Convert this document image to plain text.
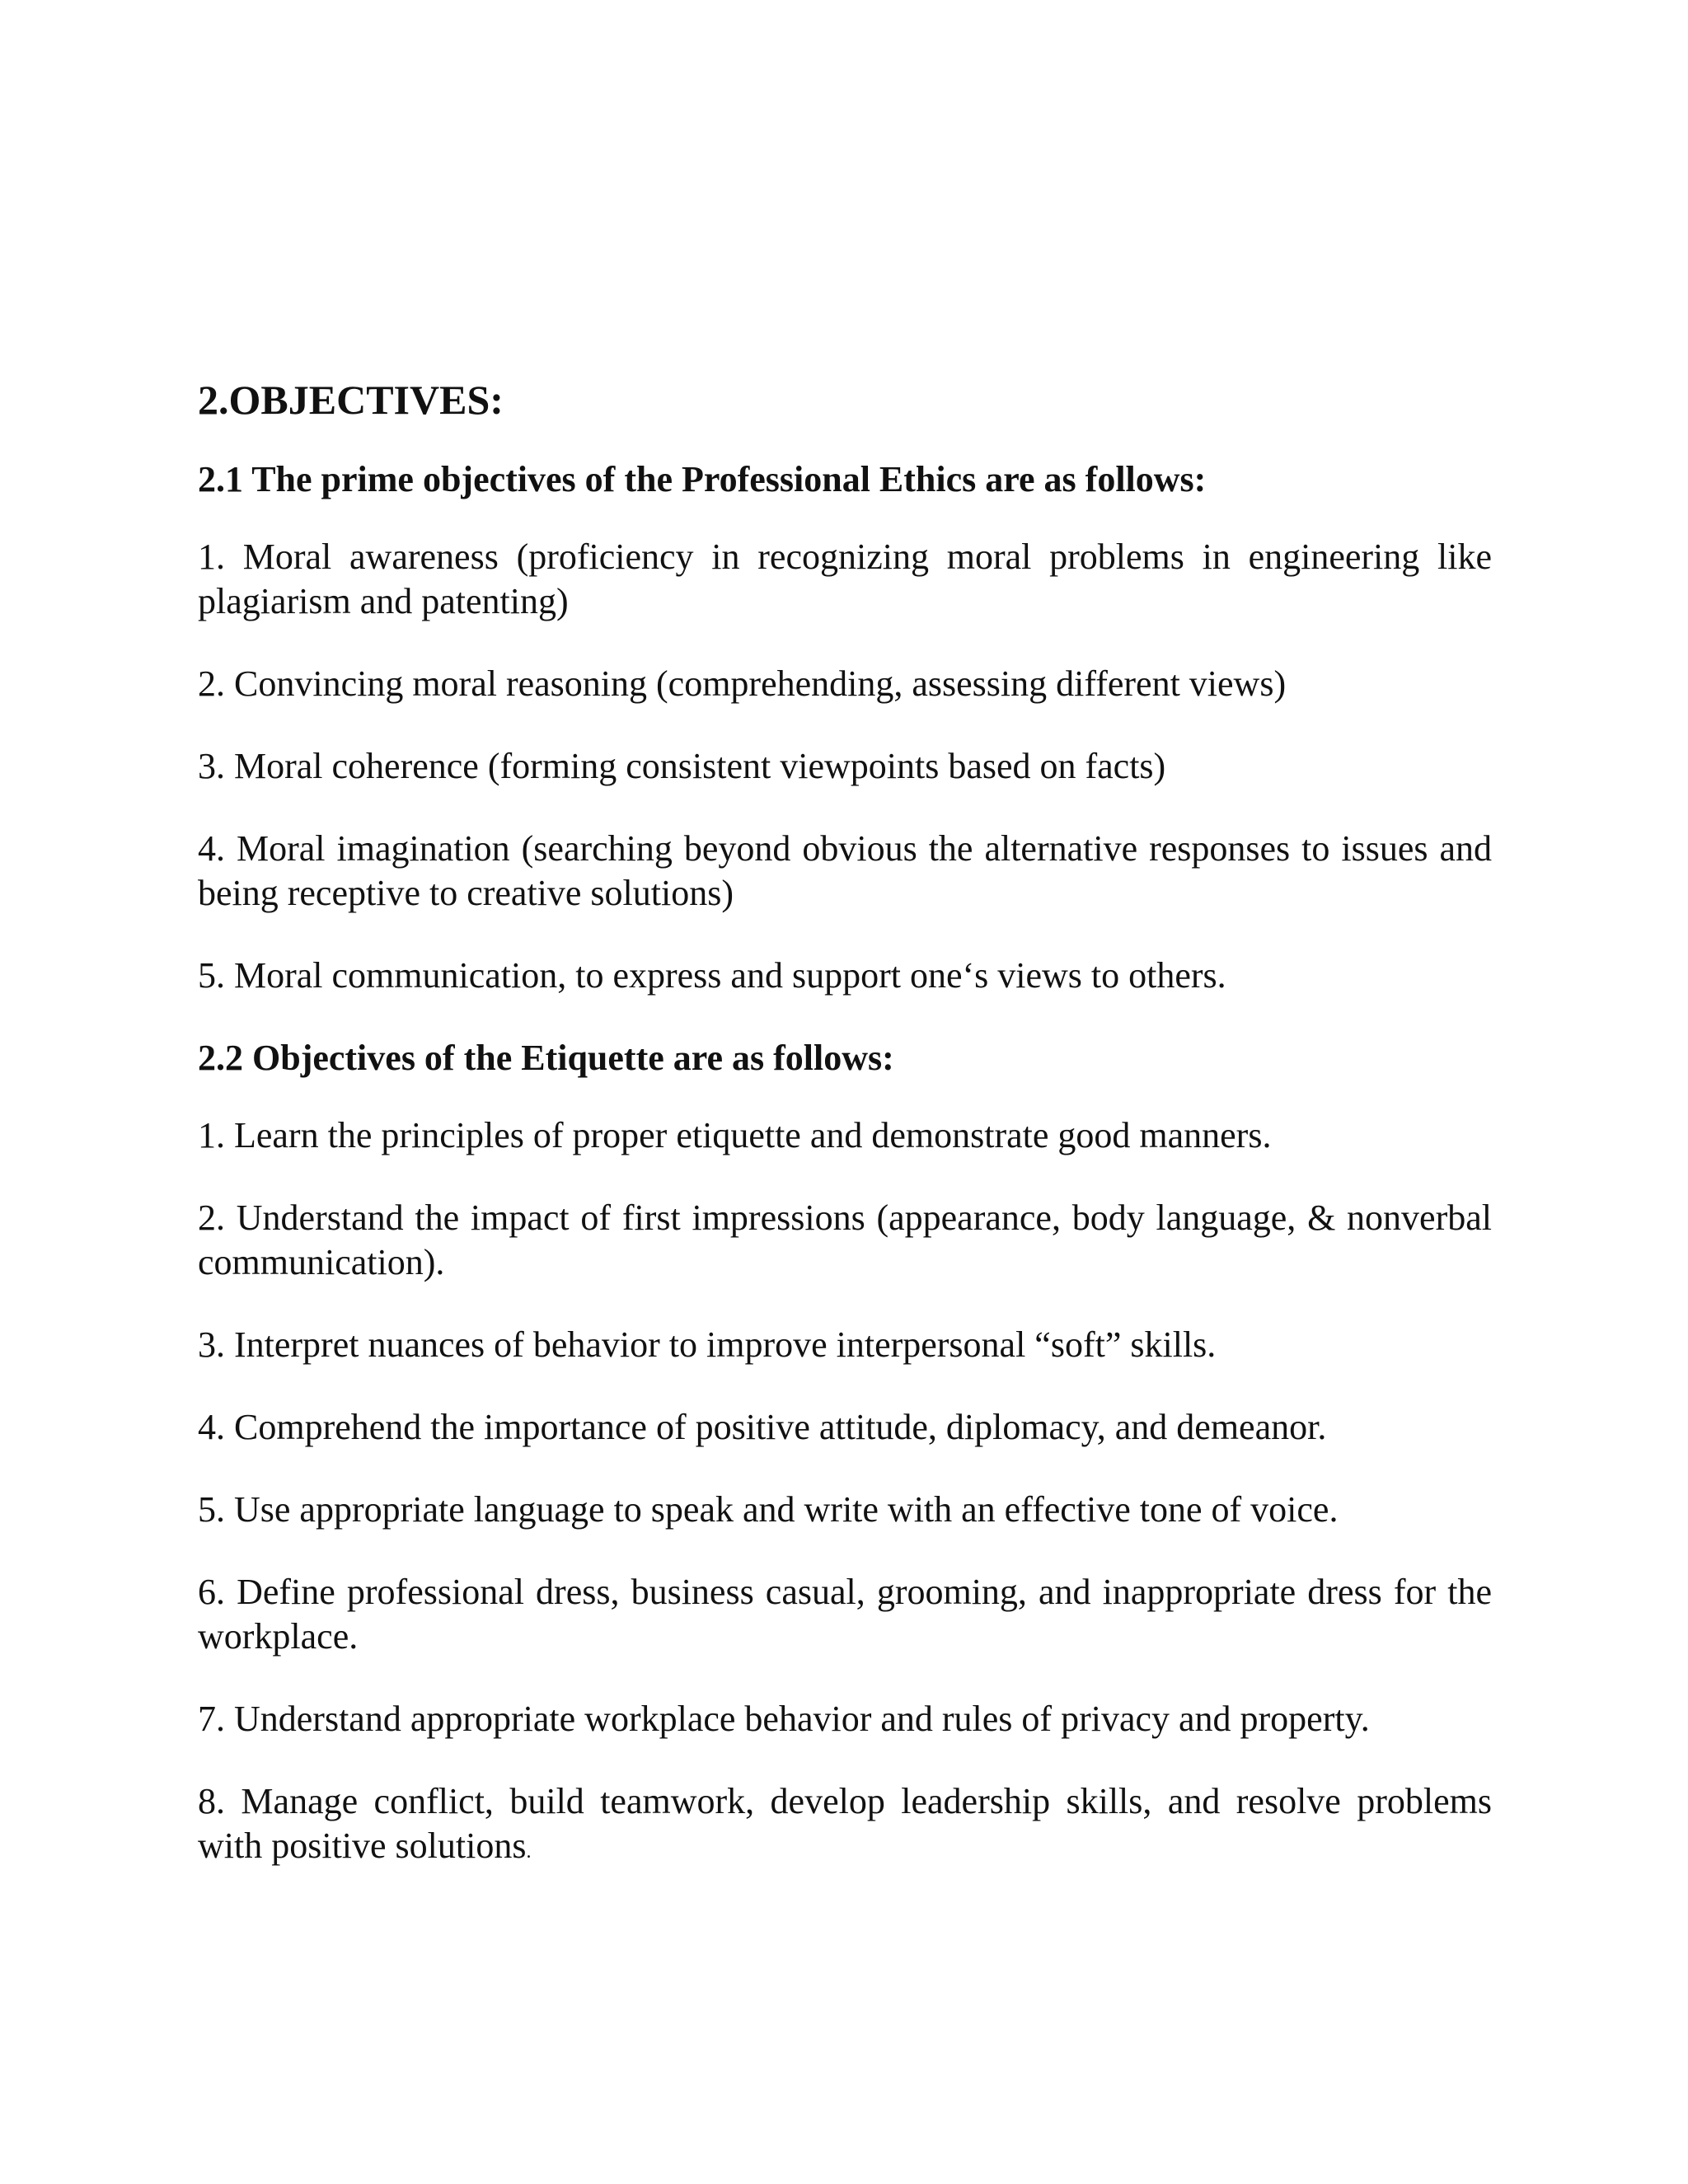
2.OBJECTIVES:
2.1 The prime objectives of the Professional Ethics are as follows:
1. Moral awareness (proficiency in recognizing moral problems in engineering like plagiarism and patenting)
2. Convincing moral reasoning (comprehending, assessing different views)
3. Moral coherence (forming consistent viewpoints based on facts)
4. Moral imagination (searching beyond obvious the alternative responses to issues and being receptive to creative solutions)
5. Moral communication, to express and support one‘s views to others.
2.2 Objectives of the Etiquette are as follows:
1. Learn the principles of proper etiquette and demonstrate good manners.
2. Understand the impact of first impressions (appearance, body language, & nonverbal communication).
3. Interpret nuances of behavior to improve interpersonal “soft” skills.
4. Comprehend the importance of positive attitude, diplomacy, and demeanor.
5. Use appropriate language to speak and write with an effective tone of voice.
6. Define professional dress, business casual, grooming, and inappropriate dress for the workplace.
7. Understand appropriate workplace behavior and rules of privacy and property.
8. Manage conflict, build teamwork, develop leadership skills, and resolve problems with positive solutions.
